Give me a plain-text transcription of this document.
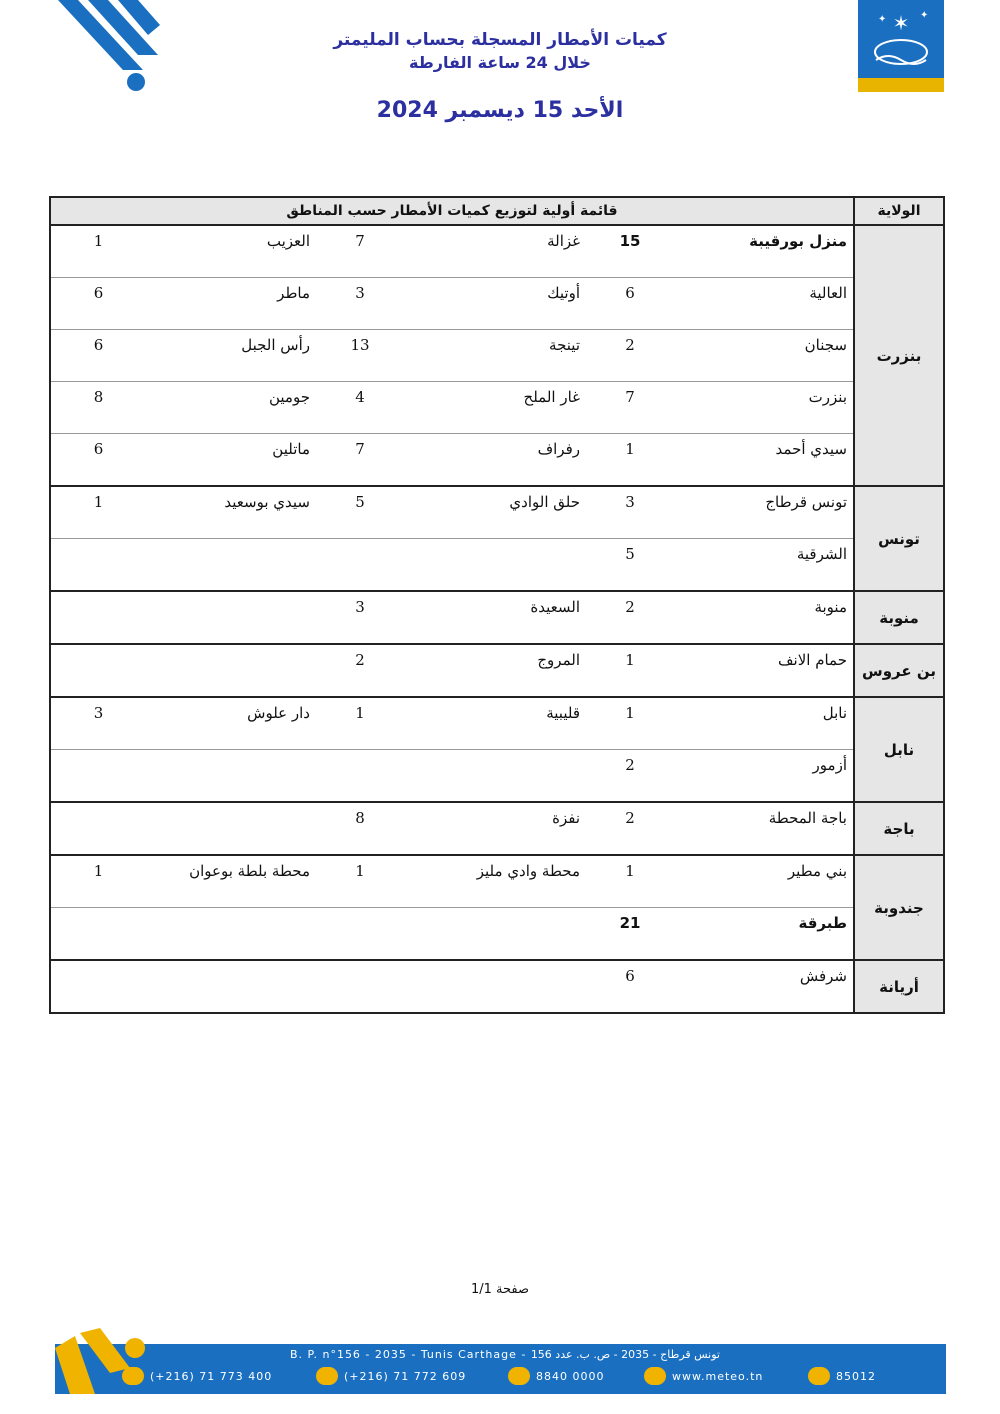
✶
✦	✦
كميات الأمطار المسجلة بحساب المليمتر
خلال 24 ساعة الفارطة
الأحد 15 ديسمبر 2024
الولاية	قائمة أولية لتوزيع كميات الأمطار حسب المناطق					
بنزرت	منزل بورقيبة	15	غزالة	7	العزيب	1
	العالية	6	أوتيك	3	ماطر	6
	سجنان	2	تينجة	13	رأس الجبل	6
	بنزرت	7	غار الملح	4	جومين	8
	سيدي أحمد	1	رفراف	7	ماتلين	6
تونس	تونس قرطاج	3	حلق الوادي	5	سيدي بوسعيد	1
	الشرقية	5				
منوبة	منوبة	2	السعيدة	3		
بن عروس	حمام الانف	1	المروج	2		
نابل	نابل	1	قليبية	1	دار علوش	3
	أزمور	2				
باجة	باجة المحطة	2	نفزة	8		
جندوبة	بني مطير	1	محطة وادي مليز	1	محطة بلطة بوعوان	1
	طبرقة	21				
أريانة	شرفش	6				
صفحة 1/1
B. P. n°156 - 2035 - Tunis Carthage - تونس قرطاج - 2035 - ص. ب. عدد 156
(+216) 71 773 400	(+216) 71 772 609	8840 0000	www.meteo.tn	85012
